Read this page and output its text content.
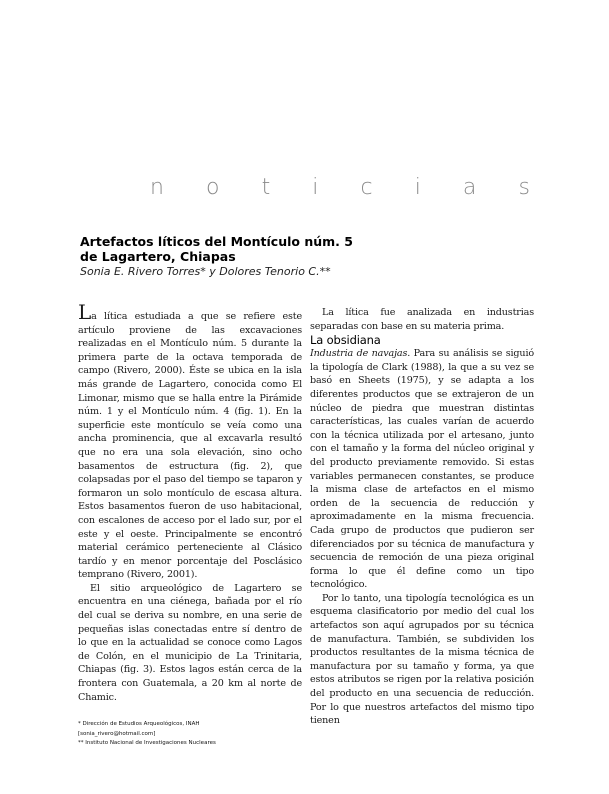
n o t i c i a s
Artefactos líticos del Montículo núm. 5
de Lagartero, Chiapas
Sonia E. Rivero Torres* y Dolores Tenorio C.**

La lítica estudiada a que se refiere este artículo proviene de las excavaciones realizadas en el Montículo núm. 5 durante la primera parte de la octava temporada de campo (Rivero, 2000). Éste se ubica en la isla más grande de Lagartero, conocida como El Limonar, mismo que se halla entre la Pirámide núm. 1 y el Montículo núm. 4 (fig. 1). En la superficie este montículo se veía como una ancha prominencia, que al excavarla resultó que no era una sola elevación, sino ocho basamentos de estructura (fig. 2), que colapsadas por el paso del tiempo se taparon y formaron un solo montículo de escasa altura. Estos basamentos fueron de uso habitacional, con escalones de acceso por el lado sur, por el este y el oeste. Principalmente se encontró material cerámico perteneciente al Clásico tardío y en menor porcentaje del Posclásico temprano (Rivero, 2001).

El sitio arqueológico de Lagartero se encuentra en una ciénega, bañada por el río del cual se deriva su nombre, en una serie de pequeñas islas conectadas entre sí dentro de lo que en la actualidad se conoce como Lagos de Colón, en el municipio de La Trinitaria, Chiapas (fig. 3). Estos lagos están cerca de la frontera con Guatemala, a 20 km al norte de Chamic.

* Dirección de Estudios Arqueológicos, INAH
[sonia_rivero@hotmail.com]
** Instituto Nacional de Investigaciones Nucleares

La lítica fue analizada en industrias separadas con base en su materia prima.

La obsidiana

Industria de navajas. Para su análisis se siguió la tipología de Clark (1988), la que a su vez se basó en Sheets (1975), y se adapta a los diferentes productos que se extrajeron de un núcleo de piedra que muestran distintas características, las cuales varían de acuerdo con la técnica utilizada por el artesano, junto con el tamaño y la forma del núcleo original y del producto previamente removido. Si estas variables permanecen constantes, se produce la misma clase de artefactos en el mismo orden de la secuencia de reducción y aproximadamente en la misma frecuencia. Cada grupo de productos que pudieron ser diferenciados por su técnica de manufactura y secuencia de remoción de una pieza original forma lo que él define como un tipo tecnológico.

Por lo tanto, una tipología tecnológica es un esquema clasificatorio por medio del cual los artefactos son aquí agrupados por su técnica de manufactura. También, se subdividen los productos resultantes de la misma técnica de manufactura por su tamaño y forma, ya que estos atributos se rigen por la relativa posición del producto en una secuencia de reducción. Por lo que nuestros artefactos del mismo tipo tienen
